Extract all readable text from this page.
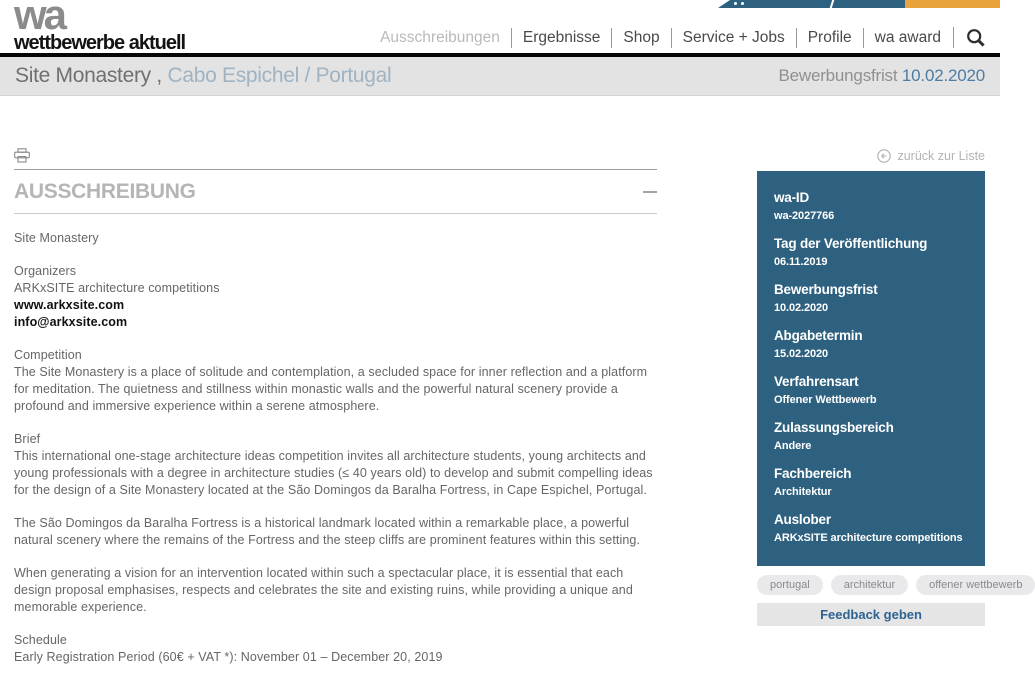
wa
wettbewerbe aktuell	Ausschreibungen	Ergebnisse	Shop	Service + Jobs	Profile	wa award
Site Monastery , Cabo Espichel / Portugal	Bewerbungsfrist 10.02.2020
AUSSCHREIBUNG

Site Monastery

Organizers
ARKxSITE architecture competitions
www.arkxsite.com
info@arkxsite.com

Competition
The Site Monastery is a place of solitude and contemplation, a secluded space for inner reflection and a platform for meditation. The quietness and stillness within monastic walls and the powerful natural scenery provide a profound and immersive experience within a serene atmosphere.

Brief
This international one-stage architecture ideas competition invites all architecture students, young architects and young professionals with a degree in architecture studies (≤ 40 years old) to develop and submit compelling ideas for the design of a Site Monastery located at the São Domingos da Baralha Fortress, in Cape Espichel, Portugal.

The São Domingos da Baralha Fortress is a historical landmark located within a remarkable place, a powerful natural scenery where the remains of the Fortress and the steep cliffs are prominent features within this setting.

When generating a vision for an intervention located within such a spectacular place, it is essential that each design proposal emphasises, respects and celebrates the site and existing ruins, while providing a unique and memorable experience.

Schedule
Early Registration Period (60€ + VAT *): November 01 – December 20, 2019

zurück zur Liste
wa-ID
wa-2027766
Tag der Veröffentlichung
06.11.2019
Bewerbungsfrist
10.02.2020
Abgabetermin
15.02.2020
Verfahrensart
Offener Wettbewerb
Zulassungsbereich
Andere
Fachbereich
Architektur
Auslober
ARKxSITE architecture competitions
portugal	architektur	offener wettbewerb
Feedback geben
